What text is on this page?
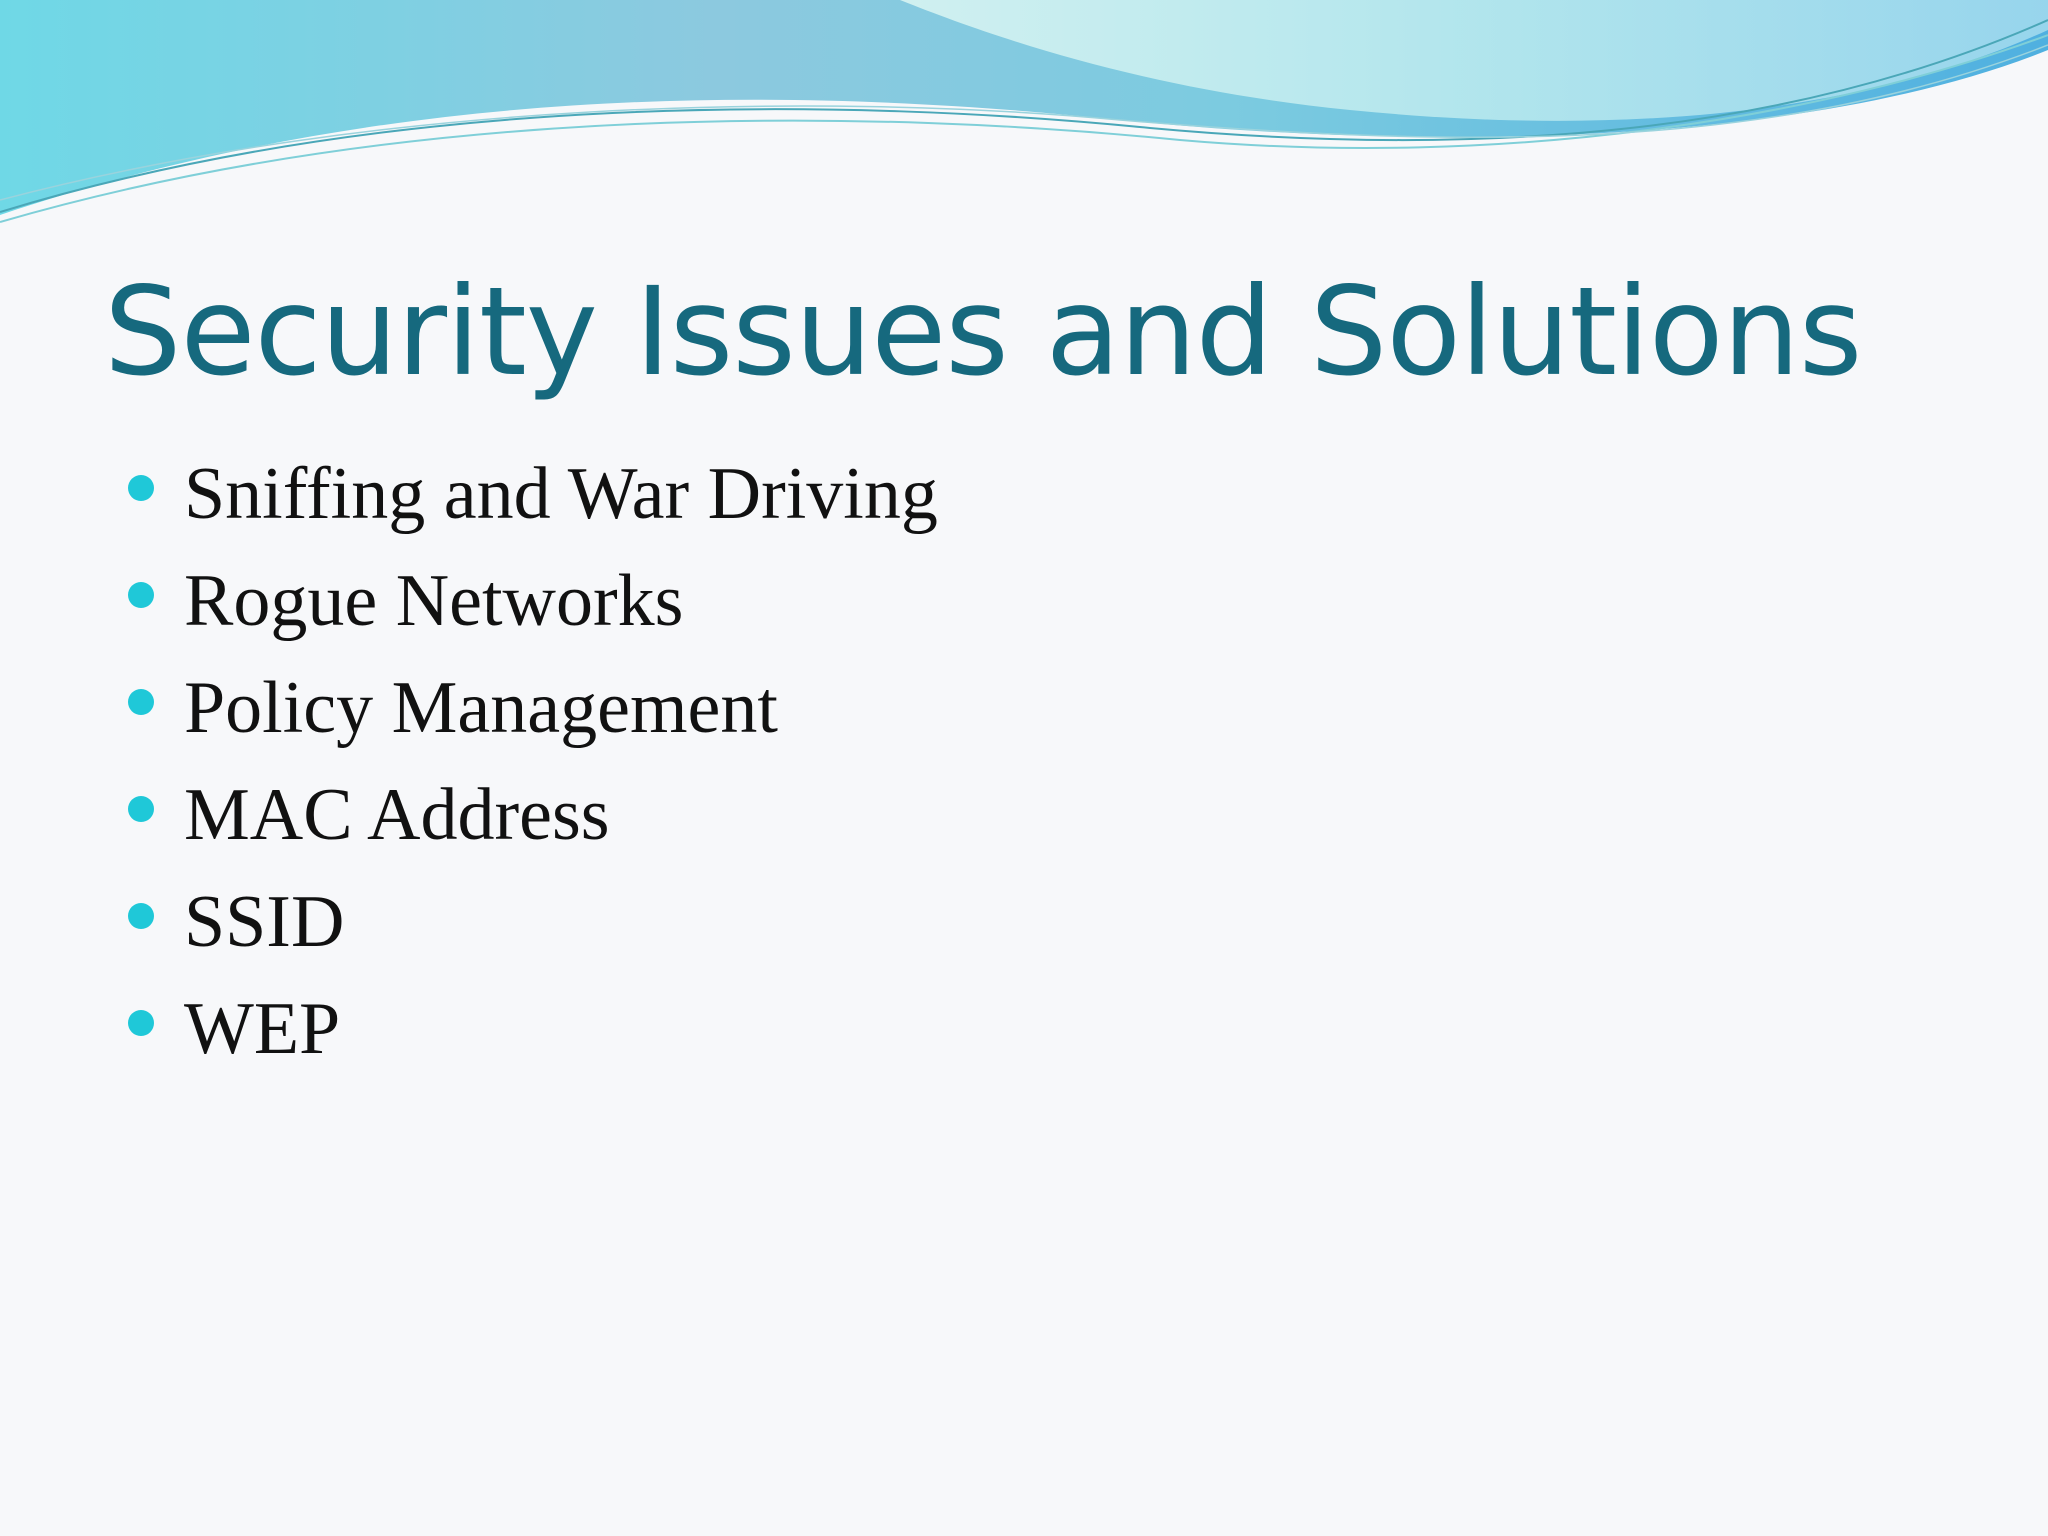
Security Issues and Solutions
Sniffing and War Driving
Rogue Networks
Policy Management
MAC Address
SSID
WEP
